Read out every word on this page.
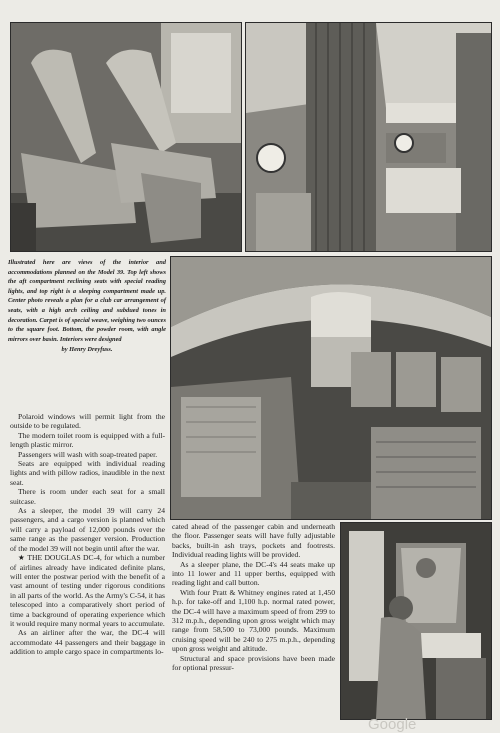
Illustrated here are views of the interior and accommodations planned on the Model 39. Top left shows the aft compartment reclining seats with special reading lights, and top right is a sleeping compartment made up. Center photo reveals a plan for a club car arrangement of seats, with a high arch ceiling and subdued tones in decoration. Carpet is of special weave, weighing two ounces to the square foot. Bottom, the powder room, with angle mirrors over basin. Interiors were designed
by Henry Dreyfuss.

Polaroid windows will permit light from the outside to be regulated.

The modern toilet room is equipped with a full-length plastic mirror.

Passengers will wash with soap-treated paper.

Seats are equipped with individual reading lights and with pillow radios, inaudible in the next seat.

There is room under each seat for a small suitcase.

As a sleeper, the model 39 will carry 24 passengers, and a cargo version is planned which will carry a payload of 12,000 pounds over the same range as the passenger version. Production of the model 39 will not begin until after the war.

★ THE DOUGLAS DC-4, for which a number of airlines already have indicated definite plans, will enter the postwar period with the benefit of a vast amount of testing under rigorous conditions in all parts of the world. As the Army's C-54, it has telescoped into a comparatively short period of time a background of operating experience which it would require many normal years to accumulate.

As an airliner after the war, the DC-4 will accommodate 44 passengers and their baggage in addition to ample cargo space in compartments lo-

cated ahead of the passenger cabin and underneath the floor. Passenger seats will have fully adjustable backs, built-in ash trays, pockets and footrests. Individual reading lights will be provided.

As a sleeper plane, the DC-4's 44 seats make up into 11 lower and 11 upper berths, equipped with reading light and call button.

With four Pratt & Whitney engines rated at 1,450 h.p. for take-off and 1,100 h.p. normal rated power, the DC-4 will have a maximum speed of from 299 to 312 m.p.h., depending upon gross weight which may range from 58,500 to 73,000 pounds. Maximum cruising speed will be 240 to 275 m.p.h., depending upon gross weight and altitude.

Structural and space provisions have been made for optional pressur-

Google
